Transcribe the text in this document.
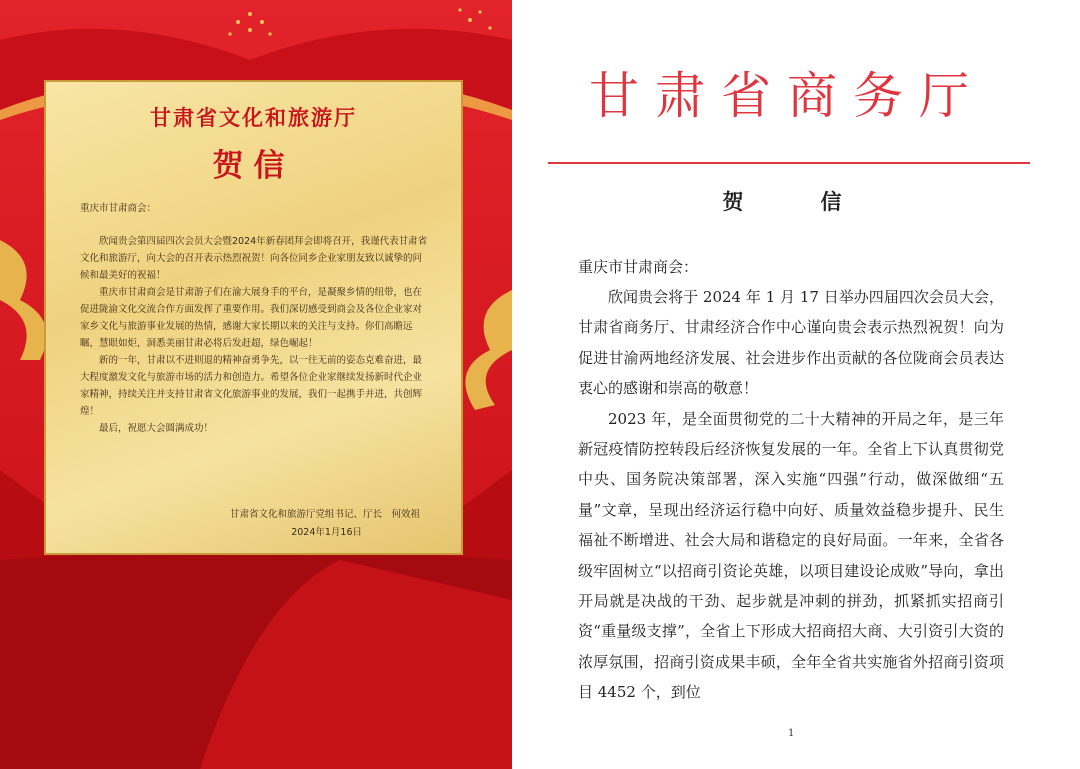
甘肃省文化和旅游厅
贺信
重庆市甘肃商会：

欣闻贵会第四届四次会员大会暨2024年新春团拜会即将召开，我谨代表甘肃省文化和旅游厅，向大会的召开表示热烈祝贺！向各位同乡企业家朋友致以诚挚的问候和最美好的祝福！

重庆市甘肃商会是甘肃游子们在渝大展身手的平台，是凝聚乡情的纽带，也在促进陇渝文化交流合作方面发挥了重要作用。我们深切感受到商会及各位企业家对家乡文化与旅游事业发展的热情，感谢大家长期以来的关注与支持。你们高瞻远瞩，慧眼如炬，洞悉美丽甘肃必将后发赶超，绿色崛起！

新的一年，甘肃以不进则退的精神奋勇争先，以一往无前的姿态克难奋进，最大程度激发文化与旅游市场的活力和创造力。希望各位企业家继续发扬新时代企业家精神，持续关注并支持甘肃省文化旅游事业的发展，我们一起携手并进，共创辉煌！

最后，祝愿大会圆满成功！

甘肃省文化和旅游厅党组书记、厅长　何效祖
2024年1月16日
甘肃省商务厅
贺　信
重庆市甘肃商会：

欣闻贵会将于 2024 年 1 月 17 日举办四届四次会员大会，甘肃省商务厅、甘肃经济合作中心谨向贵会表示热烈祝贺！向为促进甘渝两地经济发展、社会进步作出贡献的各位陇商会员表达衷心的感谢和崇高的敬意！

2023 年，是全面贯彻党的二十大精神的开局之年，是三年新冠疫情防控转段后经济恢复发展的一年。全省上下认真贯彻党中央、国务院决策部署，深入实施“四强”行动，做深做细“五量”文章，呈现出经济运行稳中向好、质量效益稳步提升、民生福祉不断增进、社会大局和谐稳定的良好局面。一年来，全省各级牢固树立“以招商引资论英雄，以项目建设论成败”导向，拿出开局就是决战的干劲、起步就是冲刺的拼劲，抓紧抓实招商引资“重量级支撑”，全省上下形成大招商招大商、大引资引大资的浓厚氛围，招商引资成果丰硕，全年全省共实施省外招商引资项目 4452 个，到位

1
